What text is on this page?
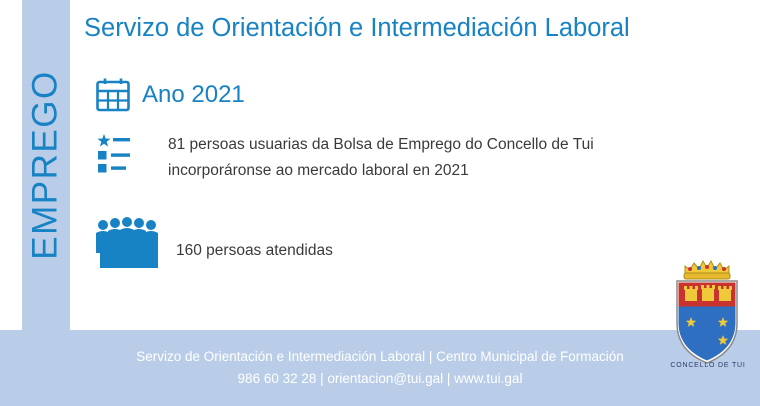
EMPREGO
Servizo de Orientación e Intermediación Laboral
Ano 2021
81 persoas usuarias da Bolsa de Emprego do Concello de Tui incorporáronse ao mercado laboral en 2021
160 persoas atendidas
Servizo de Orientación e Intermediación Laboral | Centro Municipal de Formación
986 60 32 28 | orientacion@tui.gal | www.tui.gal
CONCELLO DE TUI
